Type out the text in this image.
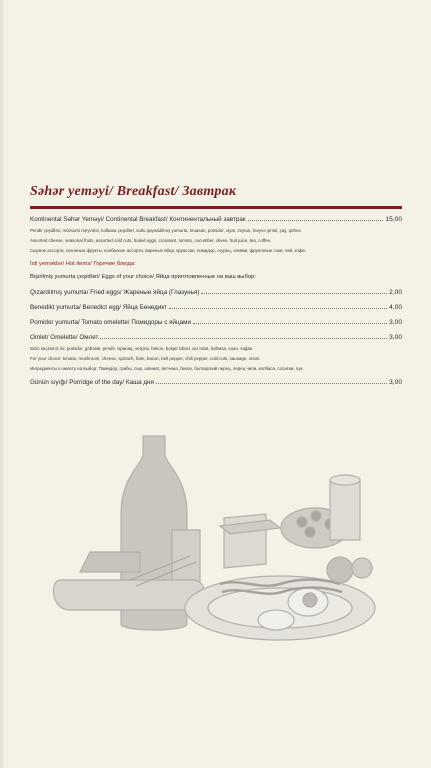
Səhər yeməyi/ Breakfast/ Завтрак
Kontinental Səhər Yeməyi/ Continental Breakfast/ Континентальный завтрак	15,00
Pendir çeşidləri, mövsumi meyvələr, kolbasa çeşidləri, sutlu qaynadılmış yumurta, kruasan, pomidor, xiyar, zeytun, meyvə şirəsi, çay, qəhvə.
Assorted cheese, seasonal fruits, assorted cold cuts, boiled eggs, croissant, tomato, cucumber, olives, fruit juice, tea, coffee.
Сырное ассорти, сезонные фрукты, колбасное ассорти, вареные яйца, круассан, помидор, огурец, оливки, фруктовые соки, чай, кофе.
İsti yeməklər/ Hot items/ Горячие блюда:
Bişirilmiş yumurta çeşidləri/ Eggs of your choice/ Яйца приготовленные на ваш выбор:
Qızardılmış yumurta/ Fried eggs/ Жареные яйца (Глазунья)	2,00
Benedikt yumurta/ Benedict egg/ Яйца Бенедикт	4,00
Pomidor yumurta/ Tomato omelette/ Помидоры с яйцами	3,00
Omlet/ Omelette/ Омлет	3,00
Sizin seçiminiz ilə: pomidor, göbələk, pendir, ispanaq, vetçina, bekon, bolqar bibəri, acı istiot, kolbasa, soan, soğan.
For your choice: tomato, mushroom, cheese, spinach, ham, bacon, bell pepper, chili pepper, cold cuts, sausage, onion.
Ингредиенты к омлету на выбор: Помидор, грибы, сыр, шпинат, ветчина, бекон, болгарский перец, перец чили, колбаса, сосиски, лук.
Günün sıyığı/ Porridge of the day/ Каша дня	3,00
